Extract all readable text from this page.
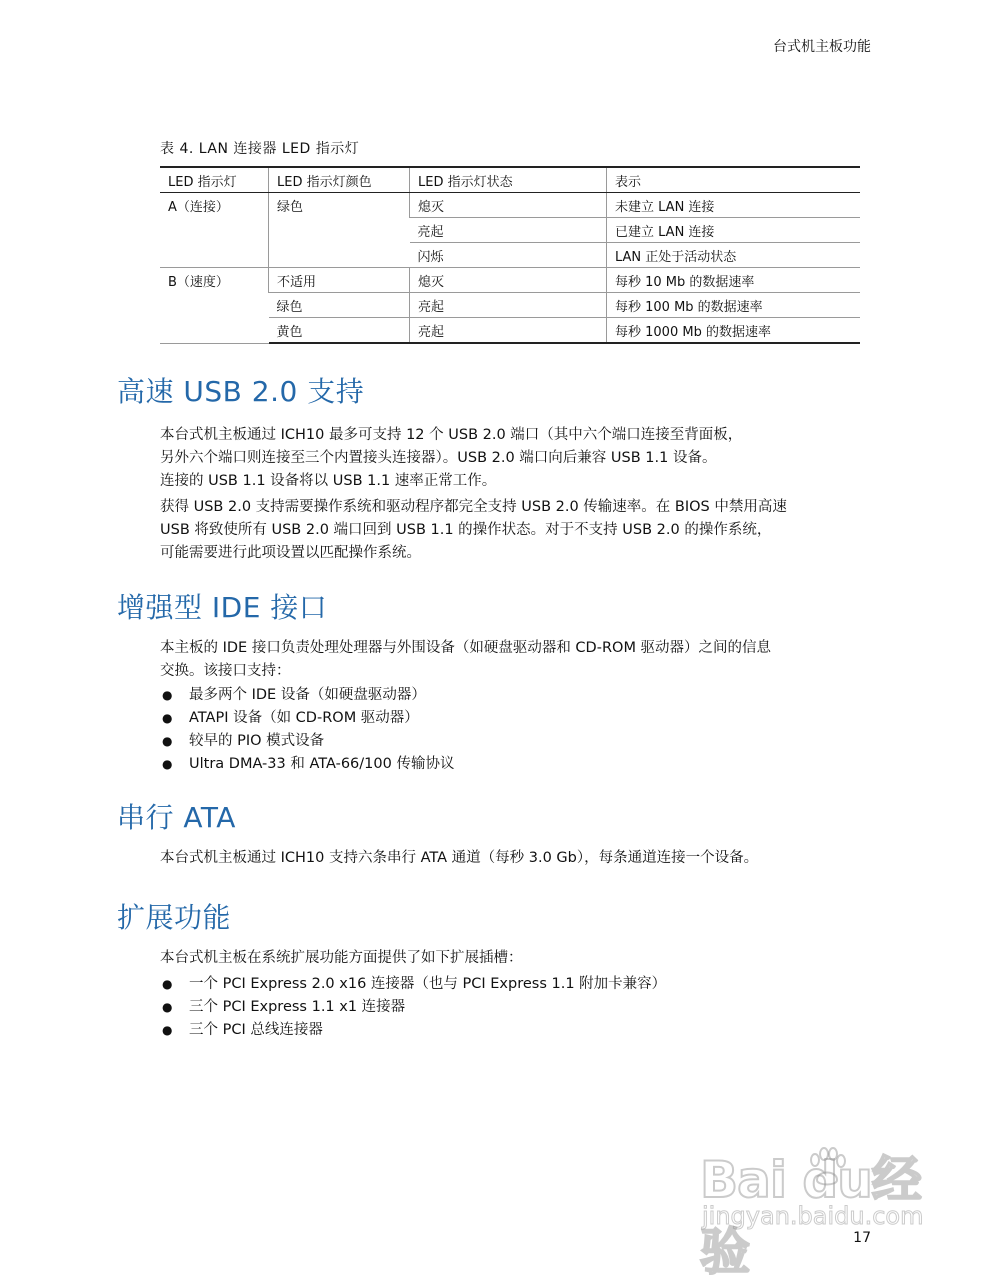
台式机主板功能
表 4. LAN 连接器 LED 指示灯
LED 指示灯	LED 指示灯颜色	LED 指示灯状态	表示
A（连接）	绿色	熄灭	未建立 LAN 连接
		亮起	已建立 LAN 连接
		闪烁	LAN 正处于活动状态
B（速度）	不适用	熄灭	每秒 10 Mb 的数据速率
	绿色	亮起	每秒 100 Mb 的数据速率
	黄色	亮起	每秒 1000 Mb 的数据速率
高速 USB 2.0 支持
本台式机主板通过 ICH10 最多可支持 12 个 USB 2.0 端口（其中六个端口连接至背面板，
另外六个端口则连接至三个内置接头连接器）。USB 2.0 端口向后兼容 USB 1.1 设备。
连接的 USB 1.1 设备将以 USB 1.1 速率正常工作。
获得 USB 2.0 支持需要操作系统和驱动程序都完全支持 USB 2.0 传输速率。在 BIOS 中禁用高速
USB 将致使所有 USB 2.0 端口回到 USB 1.1 的操作状态。对于不支持 USB 2.0 的操作系统，
可能需要进行此项设置以匹配操作系统。
增强型 IDE 接口
本主板的 IDE 接口负责处理处理器与外围设备（如硬盘驱动器和 CD-ROM 驱动器）之间的信息
交换。该接口支持：
● 最多两个 IDE 设备（如硬盘驱动器）
● ATAPI 设备（如 CD-ROM 驱动器）
● 较早的 PIO 模式设备
● Ultra DMA-33 和 ATA-66/100 传输协议
串行 ATA

本台式机主板通过 ICH10 支持六条串行 ATA 通道（每秒 3.0 Gb），每条通道连接一个设备。

扩展功能

本台式机主板在系统扩展功能方面提供了如下扩展插槽：

● 一个 PCI Express 2.0 x16 连接器（也与 PCI Express 1.1 附加卡兼容）
● 三个 PCI Express 1.1 x1 连接器
● 三个 PCI 总线连接器
Bai du经验
jingyan.baidu.com
17
